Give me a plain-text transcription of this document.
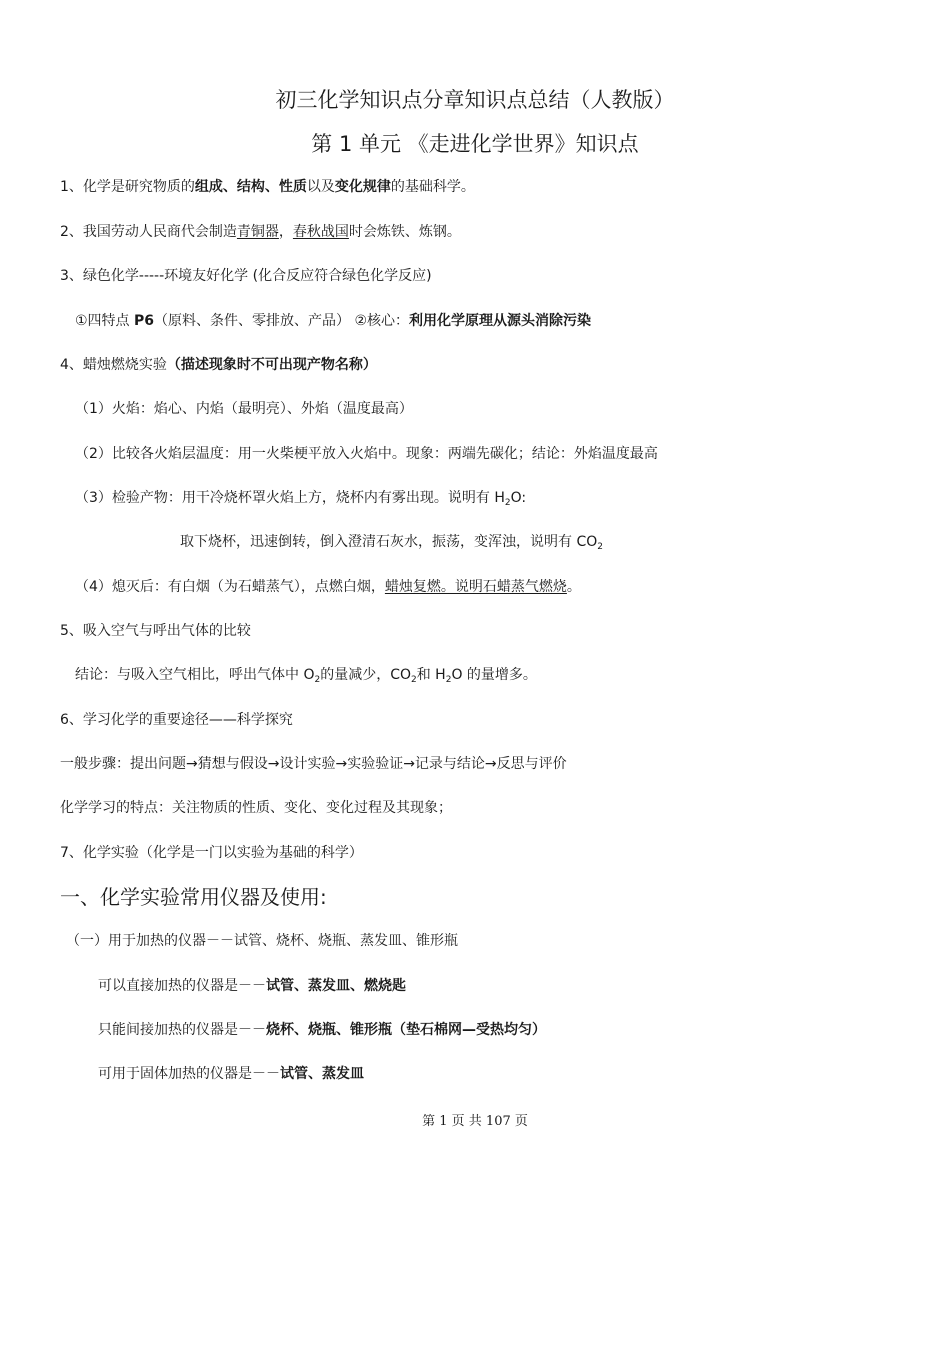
初三化学知识点分章知识点总结（人教版）
第 1 单元 《走进化学世界》知识点
1、化学是研究物质的组成、结构、性质以及变化规律的基础科学。
2、我国劳动人民商代会制造青铜器，春秋战国时会炼铁、炼钢。
3、绿色化学-----环境友好化学 (化合反应符合绿色化学反应)
①四特点 P6（原料、条件、零排放、产品） ②核心：利用化学原理从源头消除污染
4、蜡烛燃烧实验（描述现象时不可出现产物名称）
（1）火焰：焰心、内焰（最明亮）、外焰（温度最高）
（2）比较各火焰层温度：用一火柴梗平放入火焰中。现象：两端先碳化；结论：外焰温度最高
（3）检验产物：用干冷烧杯罩火焰上方，烧杯内有雾出现。说明有 $H_2O$:
取下烧杯，迅速倒转，倒入澄清石灰水，振荡，变浑浊，说明有 $CO_2$
（4）熄灭后：有白烟（为石蜡蒸气），点燃白烟，蜡烛复燃。说明石蜡蒸气燃烧。
5、吸入空气与呼出气体的比较
结论：与吸入空气相比，呼出气体中 $O_2$的量减少，$CO_2$和 $H_2O$ 的量增多。
6、学习化学的重要途径——科学探究
一般步骤：提出问题→猜想与假设→设计实验→实验验证→记录与结论→反思与评价
化学学习的特点：关注物质的性质、变化、变化过程及其现象；
7、化学实验（化学是一门以实验为基础的科学）
一、化学实验常用仪器及使用:
（一）用于加热的仪器－－试管、烧杯、烧瓶、蒸发皿、锥形瓶
可以直接加热的仪器是－－试管、蒸发皿、燃烧匙
只能间接加热的仪器是－－烧杯、烧瓶、锥形瓶（垫石棉网—受热均匀）
可用于固体加热的仪器是－－试管、蒸发皿
第 1 页 共 107 页
